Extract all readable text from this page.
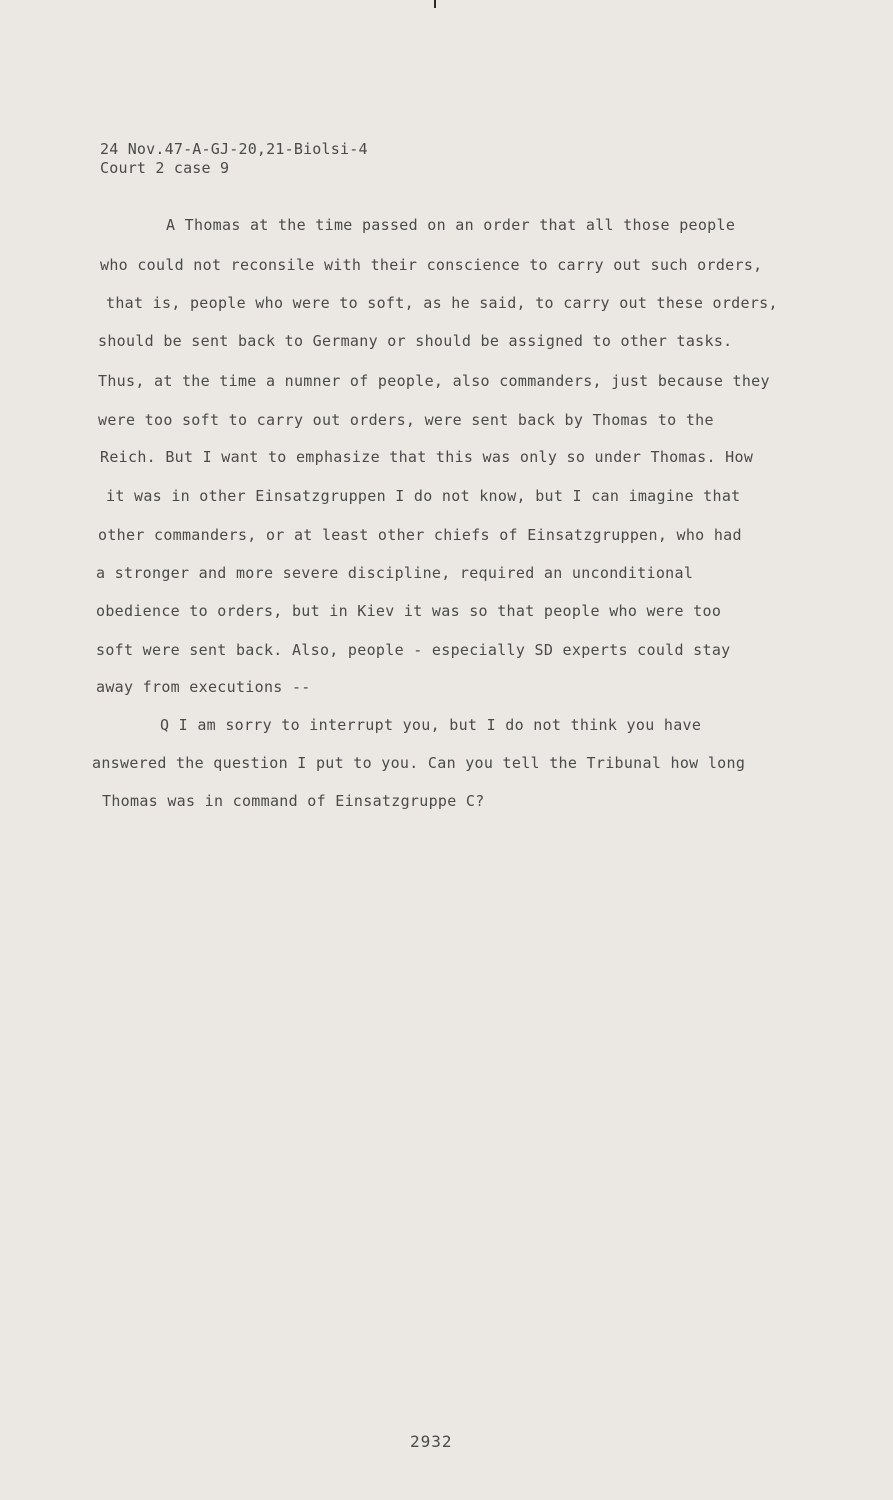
24 Nov.47-A-GJ-20,21-Biolsi-4
Court 2 case 9
A Thomas at the time passed on an order that all those people
who could not reconsile with their conscience to carry out such orders,
that is, people who were to soft, as he said, to carry out these orders,
should be sent back to Germany or should be assigned to other tasks.
Thus, at the time a numner of people, also commanders, just because they
were too soft to carry out orders, were sent back by Thomas to the
Reich. But I want to emphasize that this was only so under Thomas. How
it was in other Einsatzgruppen I do not know, but I can imagine that
other commanders, or at least other chiefs of Einsatzgruppen, who had
a stronger and more severe discipline, required an unconditional
obedience to orders, but in Kiev it was so that people who were too
soft were sent back. Also, people - especially SD experts could stay
away from executions --
Q I am sorry to interrupt you, but I do not think you have
answered the question I put to you. Can you tell the Tribunal how long
Thomas was in command of Einsatzgruppe C?
2932
